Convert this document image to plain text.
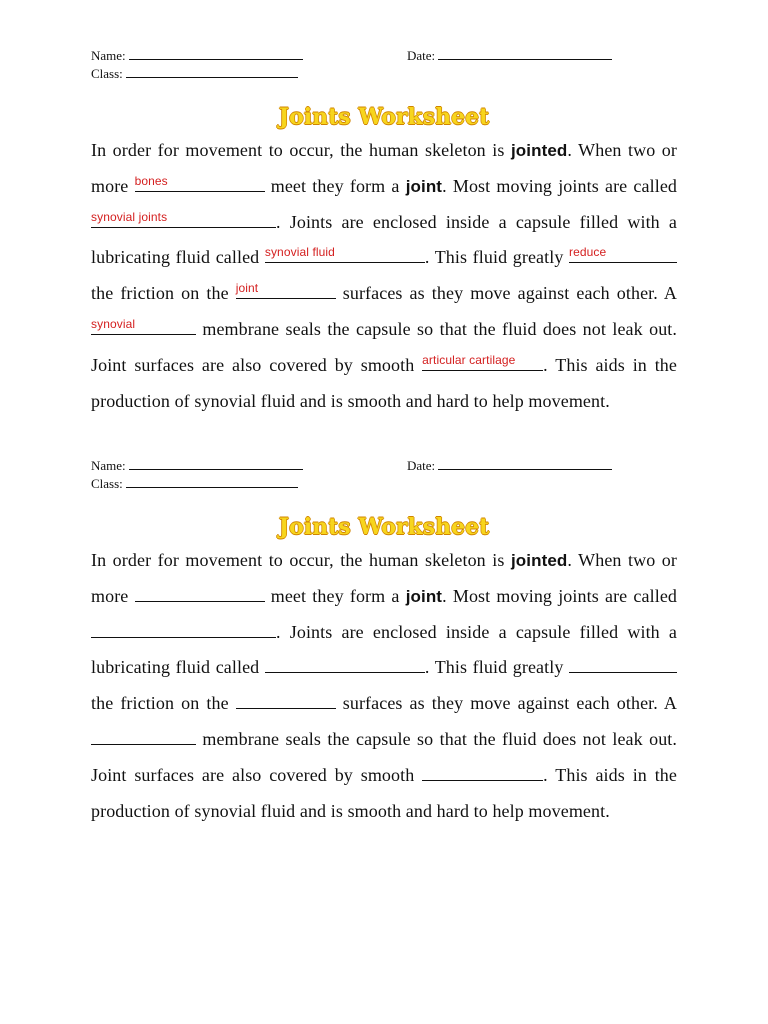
Name:
Class:
Date:
Joints Worksheet

In order for movement to occur, the human skeleton is jointed. When two or more bones	meet they form a joint. Most moving joints are called
synovial joints	. Joints are enclosed inside a capsule filled with a lubricating fluid called synovial fluid	. This fluid greatly reduce
the friction on the joint	surfaces as they move against each other. A
synovial	membrane seals the capsule so that the fluid does not leak out. Joint surfaces are also covered by smooth articular cartilage	. This aids in the production of synovial fluid and is smooth and hard to help movement.

Name:
Class:
Date:
Joints Worksheet

In order for movement to occur, the human skeleton is jointed. When two or more	meet they form a joint. Most moving joints are called . Joints are enclosed inside a capsule filled with a lubricating fluid called	. This fluid greatly  the friction on the	surfaces as they move against each other. A  membrane seals the capsule so that the fluid does not leak out. Joint surfaces are also covered by smooth	. This aids in the production of synovial fluid and is smooth and hard to help movement.
